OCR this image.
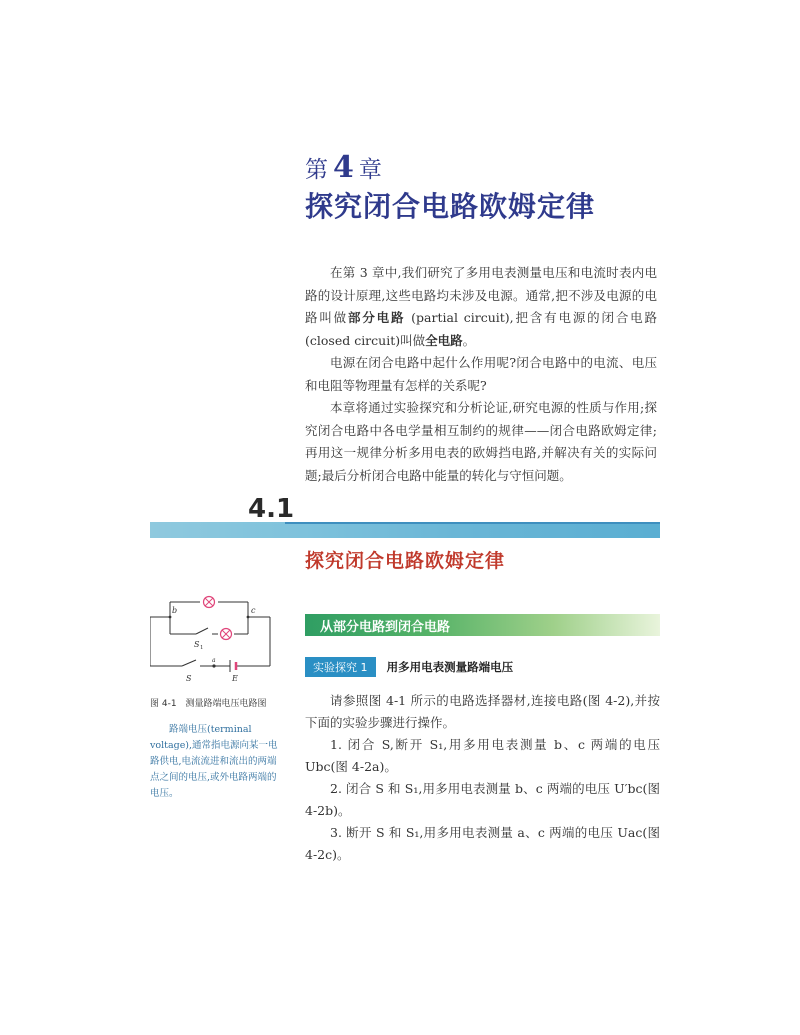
第 4 章
探究闭合电路欧姆定律

在第 3 章中,我们研究了多用电表测量电压和电流时表内电路的设计原理,这些电路均未涉及电源。通常,把不涉及电源的电路叫做部分电路 (partial circuit),把含有电源的闭合电路(closed circuit)叫做全电路。

电源在闭合电路中起什么作用呢?闭合电路中的电流、电压和电阻等物理量有怎样的关系呢?

本章将通过实验探究和分析论证,研究电源的性质与作用;探究闭合电路中各电学量相互制约的规律——闭合电路欧姆定律;再用这一规律分析多用电表的欧姆挡电路,并解决有关的实际问题;最后分析闭合电路中能量的转化与守恒问题。

4.1
探究闭合电路欧姆定律
b	c
S 1
S
a
E
图 4-1　测量路端电压电路图

路端电压(terminal voltage),通常指电源向某一电路供电,电流流进和流出的两端点之间的电压,或外电路两端的电压。

从部分电路到闭合电路
实验探究 1 用多用电表测量路端电压

请参照图 4-1 所示的电路选择器材,连接电路(图 4-2),并按下面的实验步骤进行操作。

1. 闭合 S,断开 S₁,用多用电表测量 b、c 两端的电压 Ubc(图 4-2a)。

2. 闭合 S 和 S₁,用多用电表测量 b、c 两端的电压 U′bc(图 4-2b)。

3. 断开 S 和 S₁,用多用电表测量 a、c 两端的电压 Uac(图 4-2c)。
